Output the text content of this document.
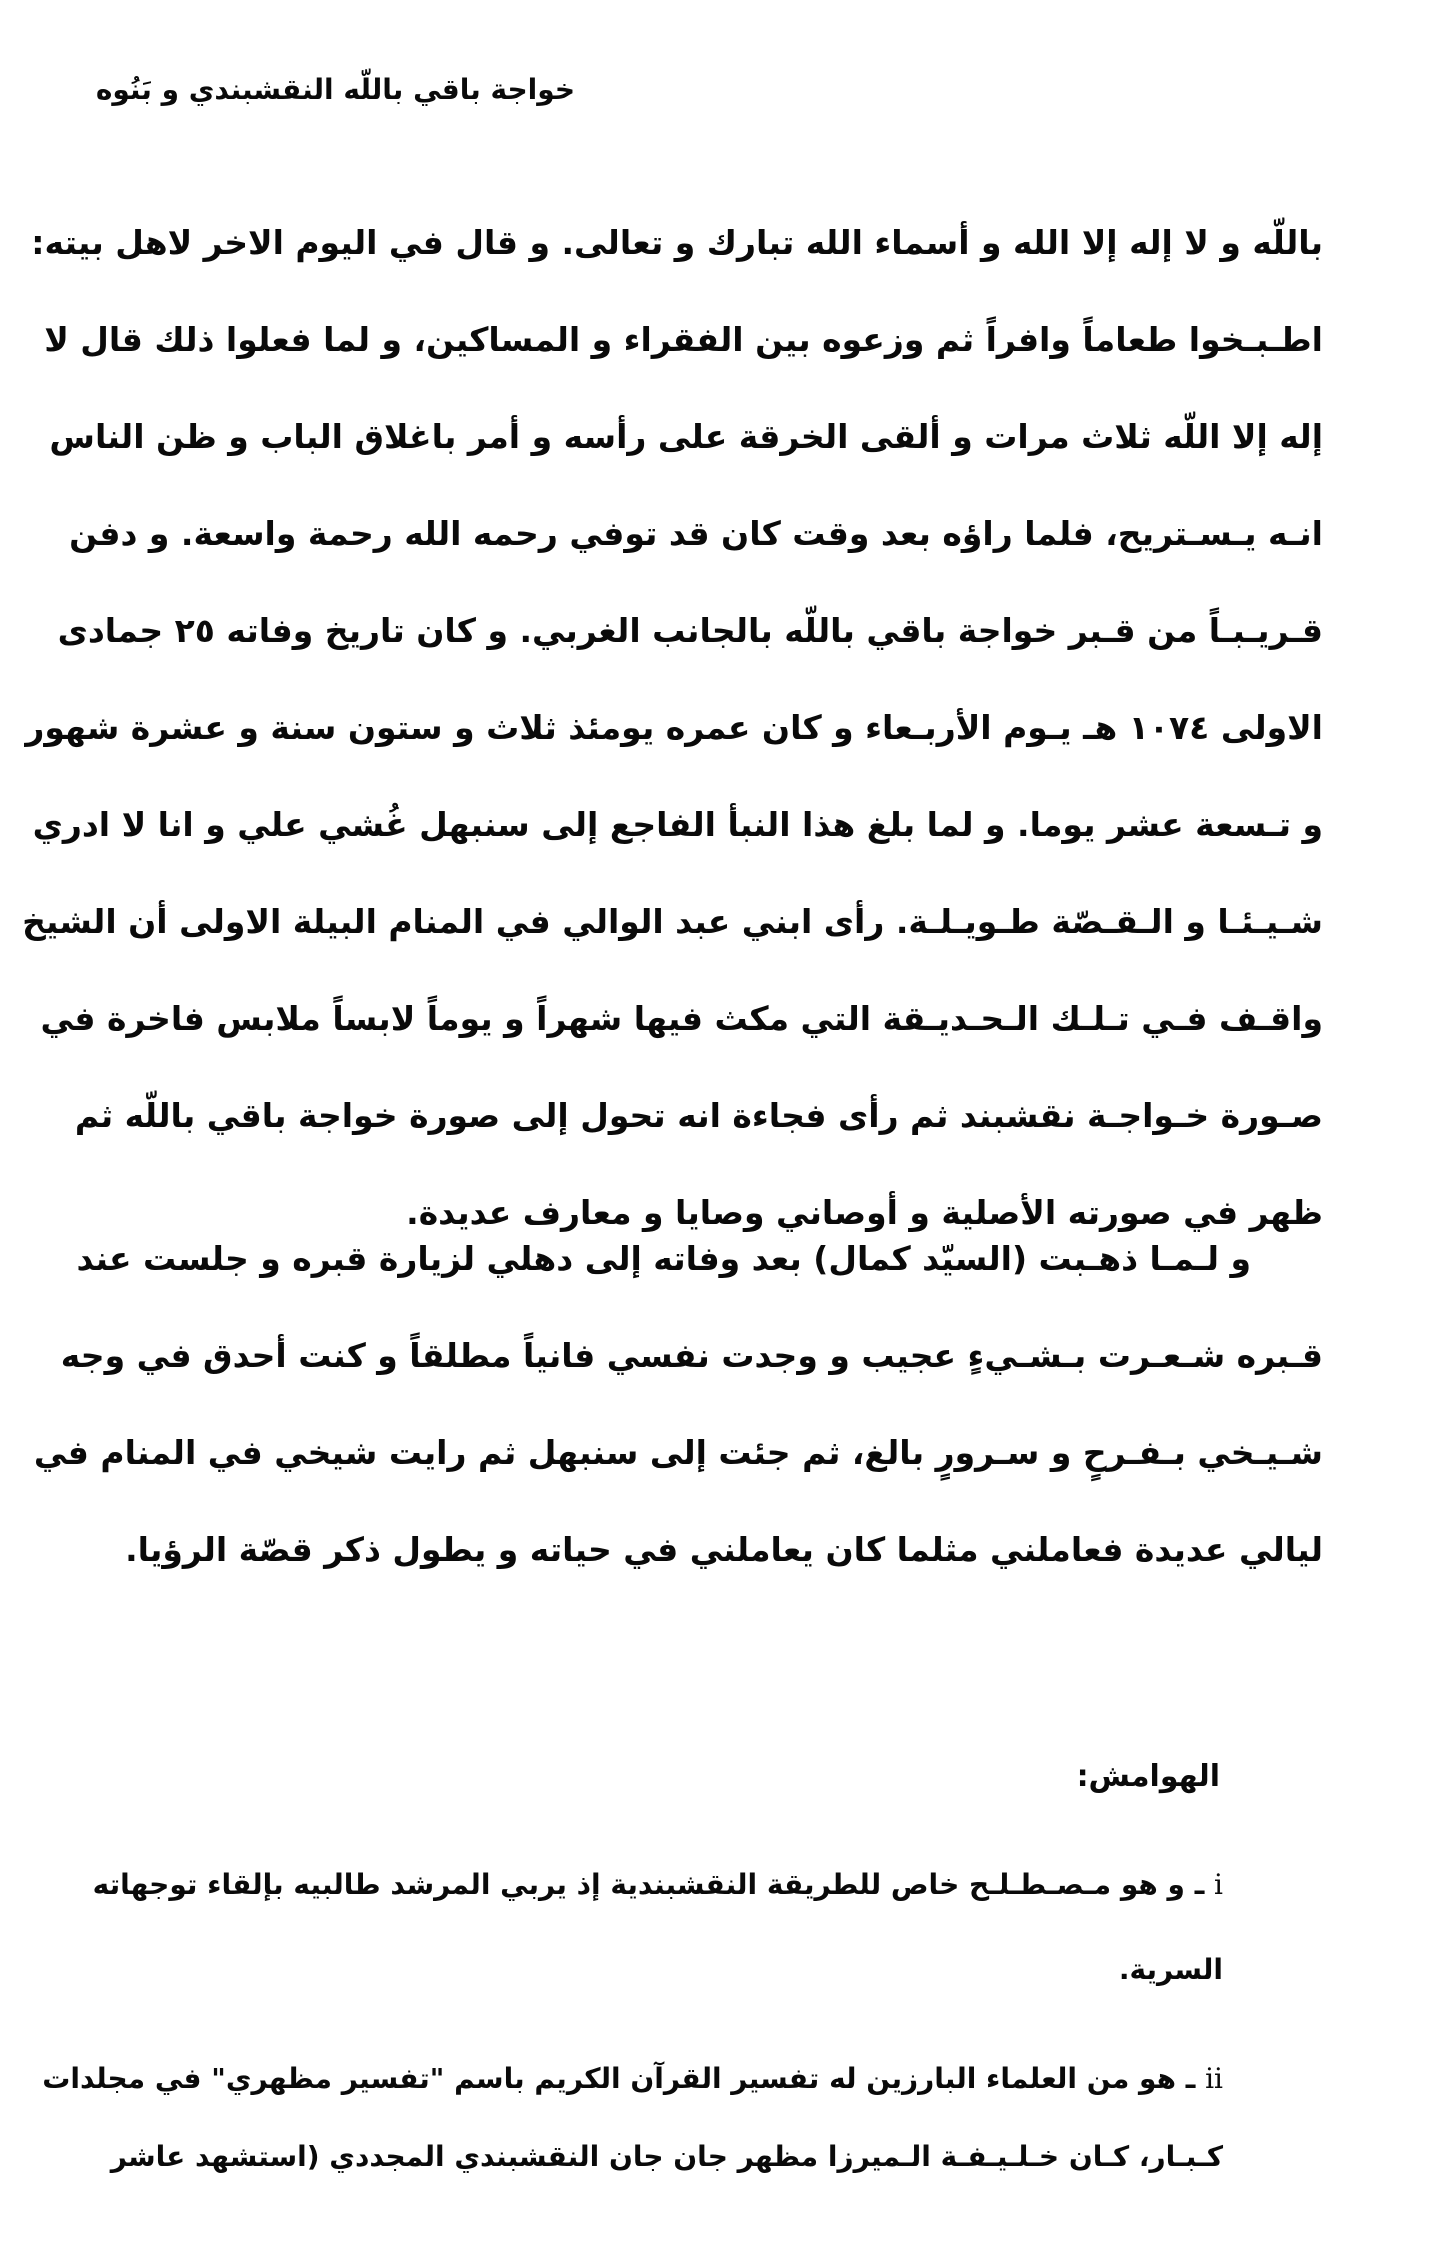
خواجة باقي باللّه النقشبندي و بَنُوه
باللّه و لا إله إلا الله و أسماء الله تبارك و تعالى. و قال في اليوم الاخر لاهل بيته:
اطـبـخوا طعاماً وافراً ثم وزعوه بين الفقراء و المساكين، و لما فعلوا ذلك قال لا
إله إلا اللّه ثلاث مرات و ألقى الخرقة على رأسه و أمر باغلاق الباب و ظن الناس
انـه يـسـتريح، فلما راؤه بعد وقت كان قد توفي رحمه الله رحمة واسعة. و دفن
قـريـبـاً من قـبر خواجة باقي باللّه بالجانب الغربي. و كان تاريخ وفاته ٢٥ جمادى
الاولى ١٠٧٤ هـ يـوم الأربـعاء و كان عمره يومئذ ثلاث و ستون سنة و عشرة شهور
و تـسعة عشر يوما. و لما بلغ هذا النبأ الفاجع إلى سنبهل غُشي علي و انا لا ادري
شـيـئـا و الـقـصّة طـويـلـة. رأى ابني عبد الوالي في المنام البيلة الاولى أن الشيخ
واقـف فـي تـلـك الـحـديـقة التي مكث فيها شهراً و يوماً لابساً ملابس فاخرة في
صـورة خـواجـة نقشبند ثم رأى فجاءة انه تحول إلى صورة خواجة باقي باللّه ثم
ظهر في صورته الأصلية و أوصاني وصايا و معارف عديدة.
و لـمـا ذهـبت (السيّد كمال) بعد وفاته إلى دهلي لزيارة قبره و جلست عند
قـبره شـعـرت بـشـيءٍ عجيب و وجدت نفسي فانياً مطلقاً و كنت أحدق في وجه
شـيـخي بـفـرحٍ و سـرورٍ بالغ، ثم جئت إلى سنبهل ثم رايت شيخي في المنام في
ليالي عديدة فعاملني مثلما كان يعاملني في حياته و يطول ذكر قصّة الرؤيا.
الهوامش:
i ـ و هو مـصـطـلـح خاص للطريقة النقشبندية إذ يربي المرشد طالبيه بإلقاء توجهاته
السرية.
ii ـ هو من العلماء البارزين له تفسير القرآن الكريم باسم "تفسير مظهري" في مجلدات
كـبـار، كـان خـلـيـفـة الـميرزا مظهر جان جان النقشبندي المجددي (استشهد عاشر
